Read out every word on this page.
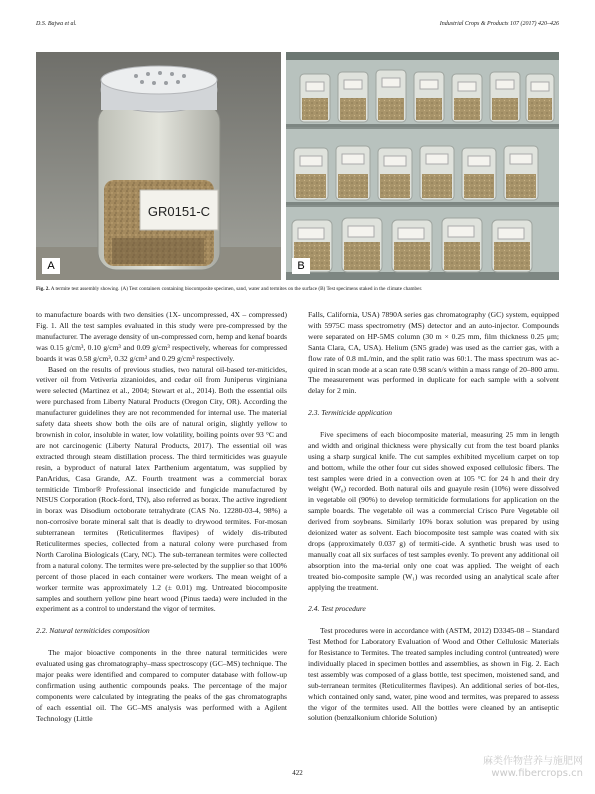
D.S. Bajwa et al.	Industrial Crops & Products 107 (2017) 420–426
GR0151-C
A	B
Fig. 2. A termite test assembly showing. (A) Test containers containing biocomposite specimen, sand, water and termites on the surface (B) Test specimens staked in the climate chamber.

to manufacture boards with two densities (1X- uncompressed, 4X – compressed) Fig. 1. All the test samples evaluated in this study were pre-compressed by the manufacturer. The average density of un-compressed corn, hemp and kenaf boards was 0.15 g/cm³, 0.10 g/cm³ and 0.09 g/cm³ respectively, whereas for compressed boards it was 0.58 g/cm³, 0.32 g/cm³ and 0.29 g/cm³ respectively.

Based on the results of previous studies, two natural oil-based ter-miticides, vetiver oil from Vetiveria zizanioides, and cedar oil from Juniperus virginiana were selected (Martinez et al., 2004; Stewart et al., 2014). Both the essential oils were purchased from Liberty Natural Products (Oregon City, OR). According the manufacturer guidelines they are not recommended for internal use. The material safety data sheets show both the oils are of natural origin, slightly yellow to brownish in color, insoluble in water, low volatility, boiling points over 93 °C and are not carcinogenic (Liberty Natural Products, 2017). The essential oil was extracted through steam distillation process. The third termiticides was guayule resin, a byproduct of natural latex Parthenium argentatum, was supplied by PanAridus, Casa Grande, AZ. Fourth treatment was a commercial borax termiticide Timbor® Professional insecticide and fungicide manufactured by NISUS Corporation (Rock-ford, TN), also referred as borax. The active ingredient in borax was Disodium octoborate tetrahydrate (CAS No. 12280-03-4, 98%) a non-corrosive borate mineral salt that is deadly to drywood termites. For-mosan subterranean termites (Reticulitermes flavipes) of widely dis-tributed Reticulitermes species, collected from a natural colony were purchased from North Carolina Biologicals (Cary, NC). The sub-terranean termites were collected from a natural colony. The termites were pre-selected by the supplier so that 100% percent of those placed in each container were workers. The mean weight of a worker termite was approximately 1.2 (± 0.01) mg. Untreated biocomposite samples and southern yellow pine heart wood (Pinus taeda) were included in the experiment as a control to understand the vigor of termites.

2.2. Natural termiticides composition

The major bioactive components in the three natural termiticides were evaluated using gas chromatography–mass spectroscopy (GC–MS) technique. The major peaks were identified and compared to computer database with follow-up confirmation using authentic compounds peaks. The percentage of the major components were calculated by integrating the peaks of the gas chromatographs of each essential oil. The GC–MS analysis was performed with a Agilent Technology (Little

Falls, California, USA) 7890A series gas chromatography (GC) system, equipped with 5975C mass spectrometry (MS) detector and an auto-injector. Compounds were separated on HP-5MS column (30 m × 0.25 mm, film thickness 0.25 μm; Santa Clara, CA, USA). Helium (5N5 grade) was used as the carrier gas, with a flow rate of 0.8 mL/min, and the split ratio was 60:1. The mass spectrum was ac-quired in scan mode at a scan rate 0.98 scan/s within a mass range of 20–800 amu. The measurement was performed in duplicate for each sample with a solvent delay for 2 min.

2.3. Termiticide application

Five specimens of each biocomposite material, measuring 25 mm in length and width and original thickness were physically cut from the test board planks using a sharp surgical knife. The cut samples exhibited mycelium carpet on top and bottom, while the other four cut sides showed exposed cellulosic fibers. The test samples were dried in a convection oven at 105 °C for 24 h and their dry weight (W₀) recorded. Both natural oils and guayule resin (10%) were dissolved in vegetable oil (90%) to develop termiticide formulations for application on the sample boards. The vegetable oil was a commercial Crisco Pure Vegetable oil derived from soybeans. Similarly 10% borax solution was prepared by using deionized water as solvent. Each biocomposite test sample was coated with six drops (approximately 0.037 g) of termiti-cide. A synthetic brush was used to manually coat all six surfaces of test samples evenly. To prevent any additional oil absorption into the ma-terial only one coat was applied. The weight of each treated bio-composite sample (W₁) was recorded using an analytical scale after applying the treatment.

2.4. Test procedure

Test procedures were in accordance with (ASTM, 2012) D3345-08 – Standard Test Method for Laboratory Evaluation of Wood and Other Cellulosic Materials for Resistance to Termites. The treated samples including control (untreated) were individually placed in specimen bottles and assemblies, as shown in Fig. 2. Each test assembly was composed of a glass bottle, test specimen, moistened sand, and sub-terranean termites (Reticulitermes flavipes). An additional series of bot-tles, which contained only sand, water, pine wood and termites, was prepared to assess the vigor of the termites used. All the bottles were cleaned by an antiseptic solution (benzalkonium chloride Solution)

422
麻类作物营养与施肥网
www.fibercrops.cn
